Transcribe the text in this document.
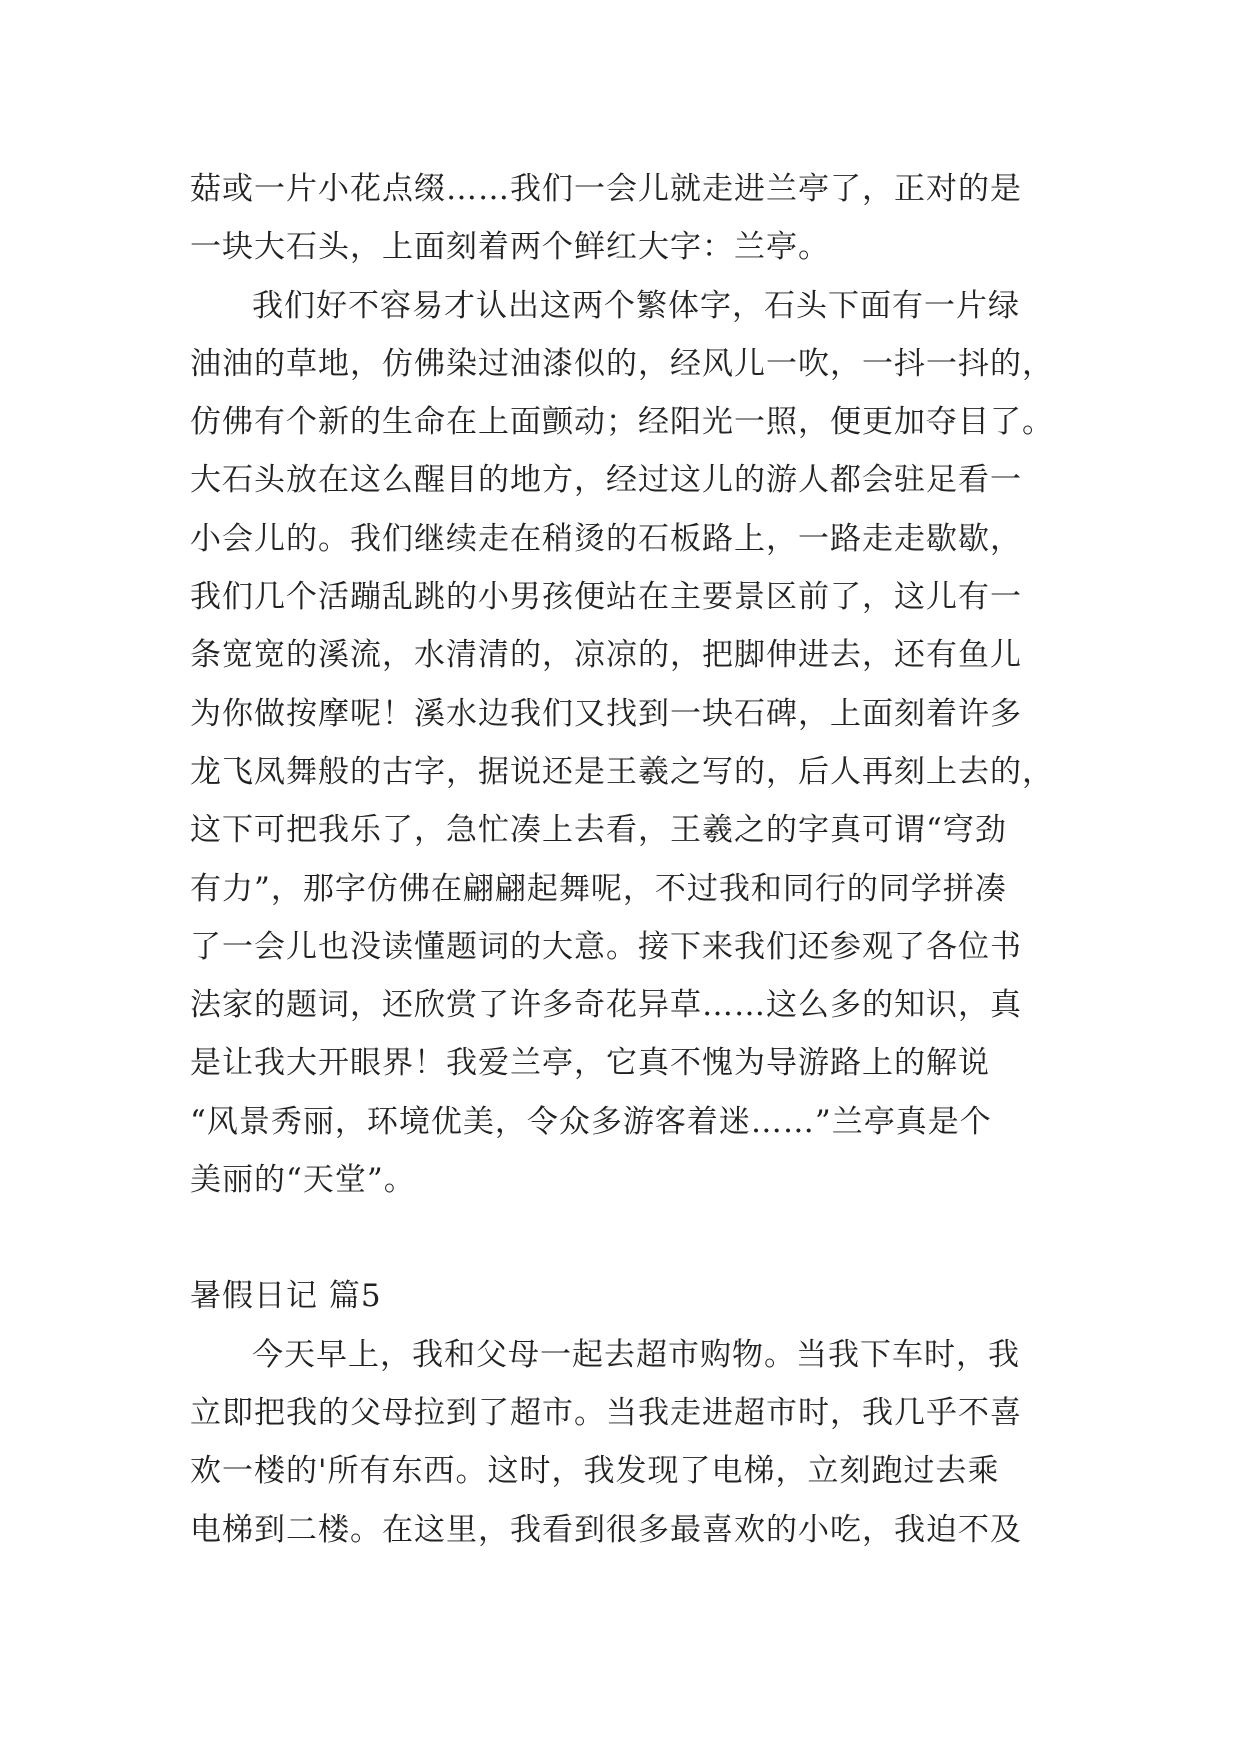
菇或一片小花点缀……我们一会儿就走进兰亭了，正对的是
一块大石头，上面刻着两个鲜红大字：兰亭。
我们好不容易才认出这两个繁体字，石头下面有一片绿
油油的草地，仿佛染过油漆似的，经风儿一吹，一抖一抖的，
仿佛有个新的生命在上面颤动；经阳光一照，便更加夺目了。
大石头放在这么醒目的地方，经过这儿的游人都会驻足看一
小会儿的。我们继续走在稍烫的石板路上，一路走走歇歇，
我们几个活蹦乱跳的小男孩便站在主要景区前了，这儿有一
条宽宽的溪流，水清清的，凉凉的，把脚伸进去，还有鱼儿
为你做按摩呢！溪水边我们又找到一块石碑，上面刻着许多
龙飞凤舞般的古字，据说还是王羲之写的，后人再刻上去的，
这下可把我乐了，急忙凑上去看，王羲之的字真可谓“穹劲
有力”，那字仿佛在翩翩起舞呢，不过我和同行的同学拼凑
了一会儿也没读懂题词的大意。接下来我们还参观了各位书
法家的题词，还欣赏了许多奇花异草……这么多的知识，真
是让我大开眼界！我爱兰亭，它真不愧为导游路上的解说
“风景秀丽，环境优美，令众多游客着迷……”兰亭真是个
美丽的“天堂”。
暑假日记 篇5
今天早上，我和父母一起去超市购物。当我下车时，我
立即把我的父母拉到了超市。当我走进超市时，我几乎不喜
欢一楼的'所有东西。这时，我发现了电梯，立刻跑过去乘
电梯到二楼。在这里，我看到很多最喜欢的小吃，我迫不及
